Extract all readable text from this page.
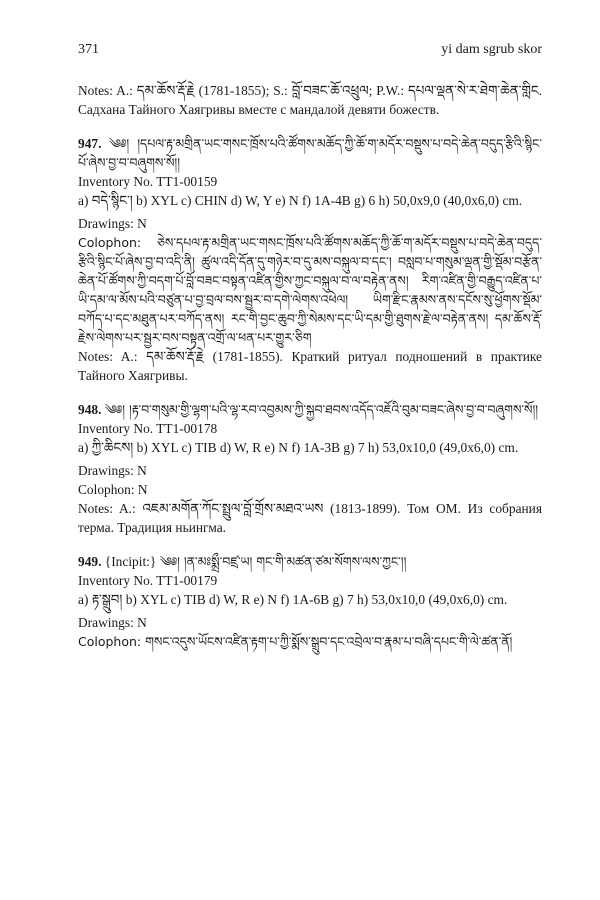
371	yi dam sgrub skor

Notes: A.: དམ་ཆོས་རྡོ་རྗེ (1781-1855); S.: བློ་བཟང་ཆོ་འཕྲུལ; P.W.: དཔལ་ལྡན་སེ་ར་ཐེག་ཆེན་གླིང. Садхана Тайного Хаягривы вместе с мандалой девяти божеств.

947. ༄༅། །དཔལ་རྟ་མགྲིན་ཡང་གསང་ཁྲོས་པའི་ཚོགས་མཆོད་ཀྱི་ཆོ་ག་མདོར་བསྡུས་པ་བདེ་ཆེན་བདུད་རྩིའི་སྙིང་པོ་ཞེས་བྱ་བ་བཞུགས་སོ།།

Inventory No. TT1-00159

a) བདེ་སྙིང་། b) XYL c) CHIN d) W, Y e) N f) 1A-4B g) 6 h) 50,0x9,0 (40,0x6,0) cm.

Drawings: N

Colophon: ཅེས་དཔལ་རྟ་མགྲིན་ཡང་གསང་ཁྲོས་པའི་ཚོགས་མཆོད་ཀྱི་ཆོ་ག་མདོར་བསྡུས་པ་བདེ་ཆེན་བདུད་རྩིའི་སྙིང་པོ་ཞེས་བྱ་བ་འདི་ནི། ཚུལ་འདི་དོན་དུ་གཉེར་བ་དུ་མས་བསྐུལ་བ་དང་། བསླབ་པ་གསུམ་ལྡན་གྱི་སྡོམ་བརྩོན་ཆེན་པོ་ཚོགས་ཀྱི་བདག་པོ་བློ་བཟང་བསྟན་འཛིན་གྱིས་ཀྱང་བསྐུལ་བ་ལ་བརྟེན་ནས། རིག་འཛིན་གྱི་བརྒྱུད་འཛིན་པ་ཡི་དམ་ལ་མོས་པའི་བཙུན་པ་བྱ་བྲལ་བས་སྦྱར་བ་དགེ་ལེགས་འཕེལ། ཡིག་རྫིང་རྣམས་ནས་དངོས་སུ་ཕྱོགས་སྡོམ་བཀོད་པ་དང་མཐུན་པར་བཀོད་ནས། རང་གི་བྱང་ཆུབ་ཀྱི་སེམས་དང་ཡི་དམ་གྱི་ཐུགས་རྗེ་ལ་བརྟེན་ནས། དམ་ཆོས་རྡོ་རྗེས་ལེགས་པར་སྦྱར་བས་བསྟན་འགྲོ་ལ་ཕན་པར་གྱུར་ཅིག

Notes: A.: དམ་ཆོས་རྡོ་རྗེ (1781-1855). Краткий ритуал подношений в практике Тайного Хаягривы.

948. ༄༅། །རྟ་བ་གསུམ་གྱི་ལྷག་པའི་ལྷ་རབ་འབྱམས་ཀྱི་སྐྱབ་ཐབས་འདོད་འཇོའི་བུམ་བཟང་ཞེས་བྱ་བ་བཞུགས་སོ།།

Inventory No. TT1-00178

a) ཀྱི་ཆིངས། b) XYL c) TIB d) W, R e) N f) 1A-3B g) 7 h) 53,0x10,0 (49,0x6,0) cm.

Drawings: N

Colophon: N

Notes: A.: འཇམ་མགོན་ཀོང་སྤྲུལ་བློ་གྲོས་མཐའ་ཡས (1813-1899). Том OM. Из собрания терма. Традиция ньингма.

949. {Incipit:} ༄༅། །ན་མཿསྨྲྀ་བཛྲ་ཡ། གང་གི་མཚན་ཙམ་སོགས་ལས་ཀྱང་།།

Inventory No. TT1-00179

a) རྟ་སྒྲུབ། b) XYL c) TIB d) W, R e) N f) 1A-6B g) 7 h) 53,0x10,0 (49,0x6,0) cm.

Drawings: N

Colophon: གསང་འདུས་ཡོངས་འཛིན་རྟག་པ་ཀྱི་སྨོས་སྒྲུབ་དང་འབྲེལ་བ་རྣམ་པ་བཞི་དཔང་གི་ལེ་ཚན་ནོ།
